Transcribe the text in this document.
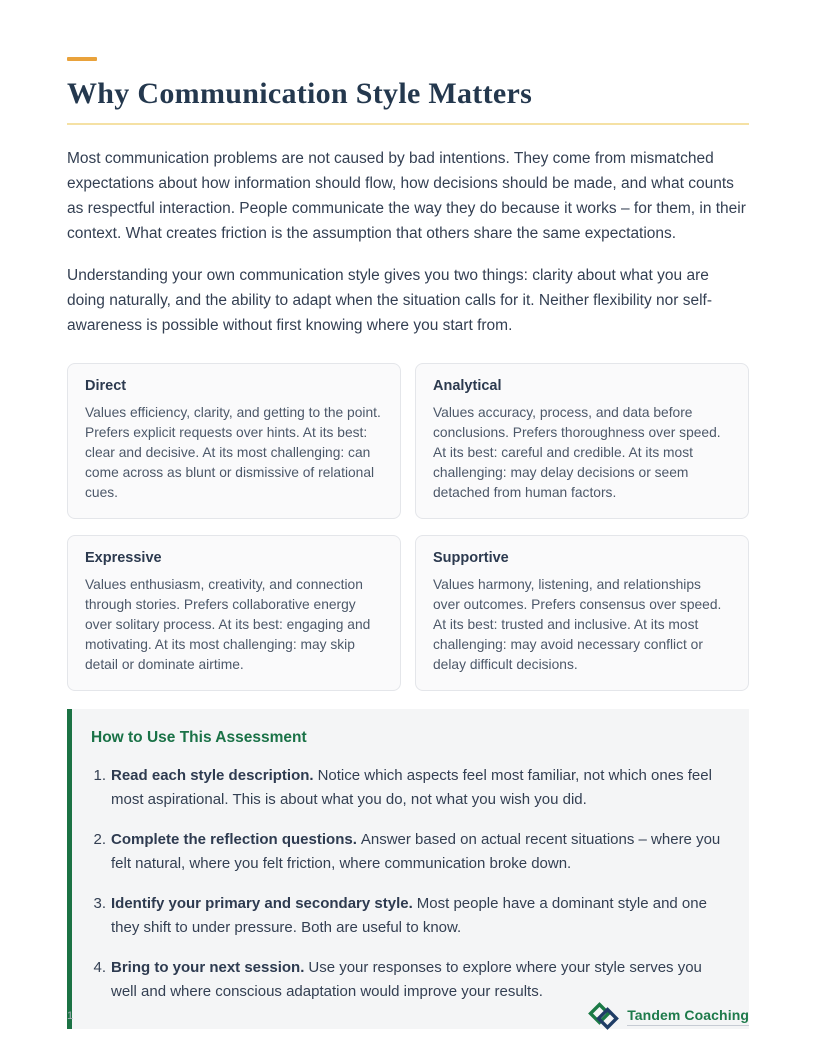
Why Communication Style Matters

Most communication problems are not caused by bad intentions. They come from mismatched expectations about how information should flow, how decisions should be made, and what counts as respectful interaction. People communicate the way they do because it works – for them, in their context. What creates friction is the assumption that others share the same expectations.

Understanding your own communication style gives you two things: clarity about what you are doing naturally, and the ability to adapt when the situation calls for it. Neither flexibility nor self-awareness is possible without first knowing where you start from.

Direct

Values efficiency, clarity, and getting to the point. Prefers explicit requests over hints. At its best: clear and decisive. At its most challenging: can come across as blunt or dismissive of relational cues.

Analytical

Values accuracy, process, and data before conclusions. Prefers thoroughness over speed. At its best: careful and credible. At its most challenging: may delay decisions or seem detached from human factors.

Expressive

Values enthusiasm, creativity, and connection through stories. Prefers collaborative energy over solitary process. At its best: engaging and motivating. At its most challenging: may skip detail or dominate airtime.

Supportive

Values harmony, listening, and relationships over outcomes. Prefers consensus over speed. At its best: trusted and inclusive. At its most challenging: may avoid necessary conflict or delay difficult decisions.

How to Use This Assessment
1. Read each style description. Notice which aspects feel most familiar, not which ones feel most aspirational. This is about what you do, not what you wish you did.
2. Complete the reflection questions. Answer based on actual recent situations – where you felt natural, where you felt friction, where communication broke down.
3. Identify your primary and secondary style. Most people have a dominant style and one they shift to under pressure. Both are useful to know.
4. Bring to your next session. Use your responses to explore where your style serves you well and where conscious adaptation would improve your results.
1	Tandem Coaching
